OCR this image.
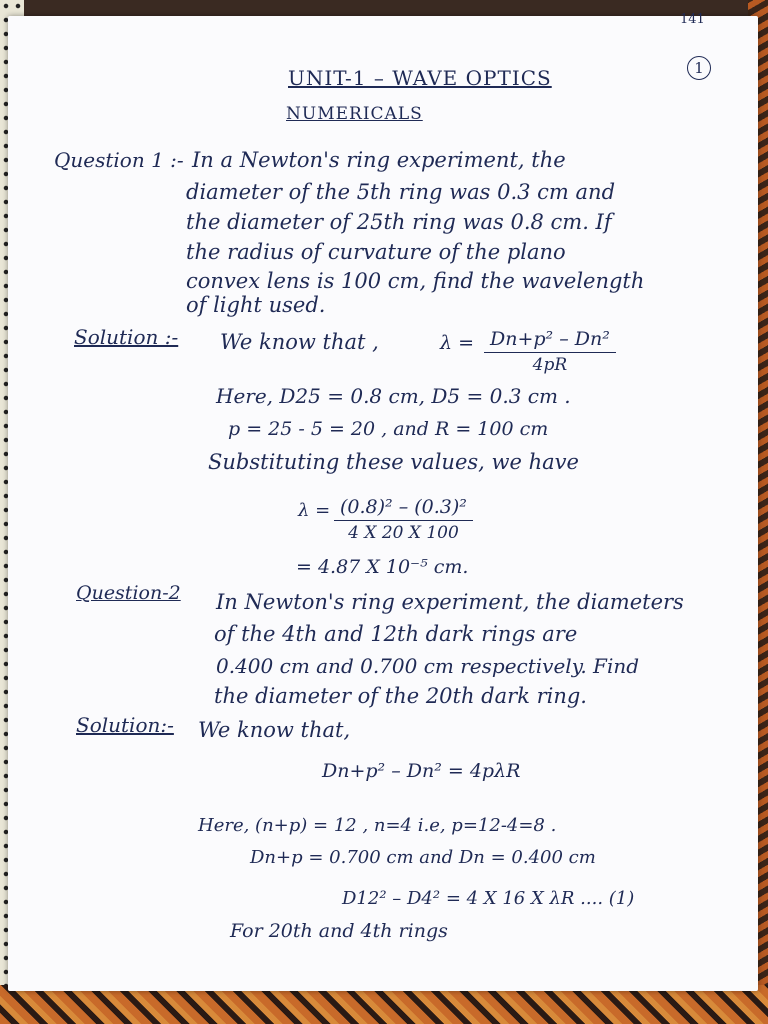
141
1
UNIT-1 – WAVE OPTICS
NUMERICALS
Question 1 :- In a Newton's ring experiment, the
diameter of the 5th ring was 0.3 cm and
the diameter of 25th ring was 0.8 cm. If
the radius of curvature of the plano
convex lens is 100 cm, find the wavelength
of light used.
Solution :- We know that ,	$\lambda = \frac{\text{Dn+p² – Dn²}}{4pR}$
Here, D25 = 0.8 cm, D5 = 0.3 cm .
p = 25 - 5 = 20 , and R = 100 cm
Substituting these values, we have
$\lambda = \frac{\text{(0.8)² – (0.3)²}}{4 X 20 X 100}$
= 4.87 X 10⁻⁵ cm.
Question-2 In Newton's ring experiment, the diameters
of the 4th and 12th dark rings are
0.400 cm and 0.700 cm respectively. Find
the diameter of the 20th dark ring.
Solution:- We know that,
Dn+p² – Dn² = 4pλR
Here, (n+p) = 12 , n=4 i.e, p=12-4=8 .
Dn+p = 0.700 cm and Dn = 0.400 cm
D12² – D4² = 4 X 16 X λR .... (1)
For 20th and 4th rings
